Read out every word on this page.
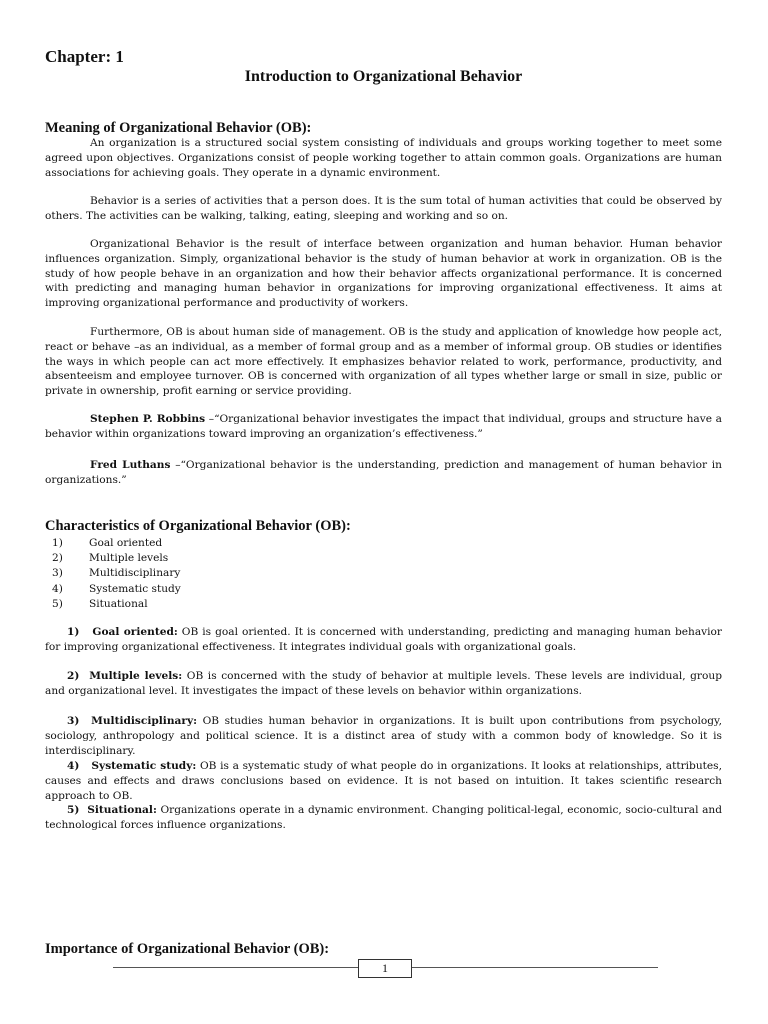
Chapter: 1
Introduction to Organizational Behavior
Meaning of Organizational Behavior (OB):

An organization is a structured social system consisting of individuals and groups working together to meet some agreed upon objectives. Organizations consist of people working together to attain common goals. Organizations are human associations for achieving goals. They operate in a dynamic environment.

Behavior is a series of activities that a person does. It is the sum total of human activities that could be observed by others. The activities can be walking, talking, eating, sleeping and working and so on.

Organizational Behavior is the result of interface between organization and human behavior. Human behavior influences organization. Simply, organizational behavior is the study of human behavior at work in organization. OB is the study of how people behave in an organization and how their behavior affects organizational performance. It is concerned with predicting and managing human behavior in organizations for improving organizational effectiveness. It aims at improving organizational performance and productivity of workers.

Furthermore, OB is about human side of management. OB is the study and application of knowledge how people act, react or behave –as an individual, as a member of formal group and as a member of informal group. OB studies or identifies the ways in which people can act more effectively. It emphasizes behavior related to work, performance, productivity, and absenteeism and employee turnover. OB is concerned with organization of all types whether large or small in size, public or private in ownership, profit earning or service providing.

Stephen P. Robbins –“Organizational behavior investigates the impact that individual, groups and structure have a behavior within organizations toward improving an organization’s effectiveness.”

Fred Luthans –“Organizational behavior is the understanding, prediction and management of human behavior in organizations.”

Characteristics of Organizational Behavior (OB):
1) Goal oriented
2) Multiple levels
3) Multidisciplinary
4) Systematic study
5) Situational

1) Goal oriented: OB is goal oriented. It is concerned with understanding, predicting and managing human behavior for improving organizational effectiveness. It integrates individual goals with organizational goals.

2) Multiple levels: OB is concerned with the study of behavior at multiple levels. These levels are individual, group and organizational level. It investigates the impact of these levels on behavior within organizations.

3) Multidisciplinary: OB studies human behavior in organizations. It is built upon contributions from psychology, sociology, anthropology and political science. It is a distinct area of study with a common body of knowledge. So it is interdisciplinary.

4) Systematic study: OB is a systematic study of what people do in organizations. It looks at relationships, attributes, causes and effects and draws conclusions based on evidence. It is not based on intuition. It takes scientific research approach to OB.

5) Situational: Organizations operate in a dynamic environment. Changing political-legal, economic, socio-cultural and technological forces influence organizations.

Importance of Organizational Behavior (OB):
1
